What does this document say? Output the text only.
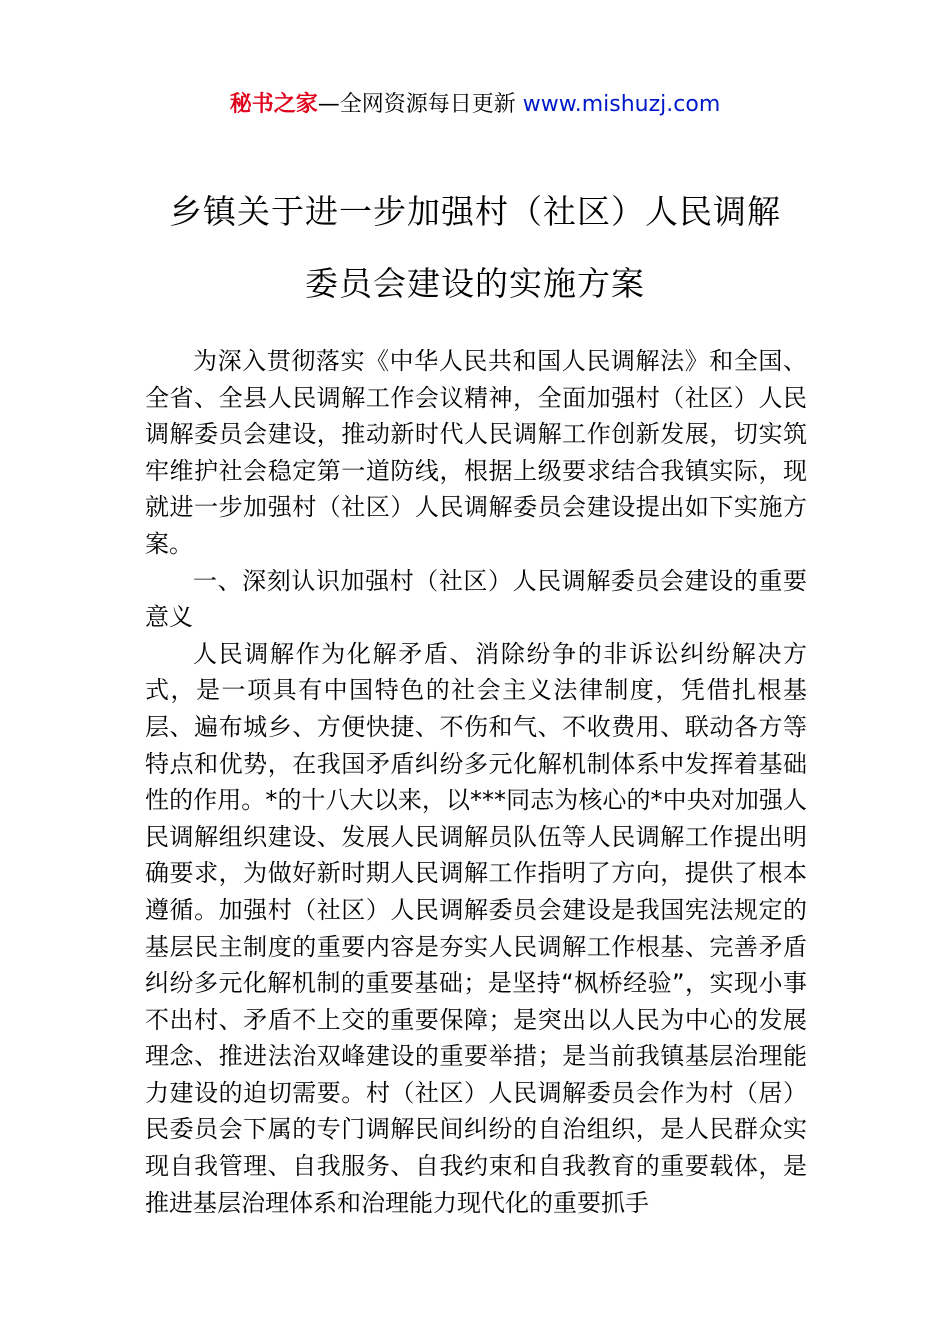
秘书之家—全网资源每日更新 www.mishuzj.com
乡镇关于进一步加强村（社区）人民调解
委员会建设的实施方案

为深入贯彻落实《中华人民共和国人民调解法》和全国、全省、全县人民调解工作会议精神，全面加强村（社区）人民调解委员会建设，推动新时代人民调解工作创新发展，切实筑牢维护社会稳定第一道防线，根据上级要求结合我镇实际，现就进一步加强村（社区）人民调解委员会建设提出如下实施方案。

一、深刻认识加强村（社区）人民调解委员会建设的重要意义

人民调解作为化解矛盾、消除纷争的非诉讼纠纷解决方式，是一项具有中国特色的社会主义法律制度，凭借扎根基层、遍布城乡、方便快捷、不伤和气、不收费用、联动各方等特点和优势，在我国矛盾纠纷多元化解机制体系中发挥着基础性的作用。*的十八大以来，以***同志为核心的*中央对加强人民调解组织建设、发展人民调解员队伍等人民调解工作提出明确要求，为做好新时期人民调解工作指明了方向，提供了根本遵循。加强村（社区）人民调解委员会建设是我国宪法规定的基层民主制度的重要内容是夯实人民调解工作根基、完善矛盾纠纷多元化解机制的重要基础；是坚持“枫桥经验”，实现小事不出村、矛盾不上交的重要保障；是突出以人民为中心的发展理念、推进法治双峰建设的重要举措；是当前我镇基层治理能力建设的迫切需要。村（社区）人民调解委员会作为村（居）民委员会下属的专门调解民间纠纷的自治组织，是人民群众实现自我管理、自我服务、自我约束和自我教育的重要载体，是推进基层治理体系和治理能力现代化的重要抓手
